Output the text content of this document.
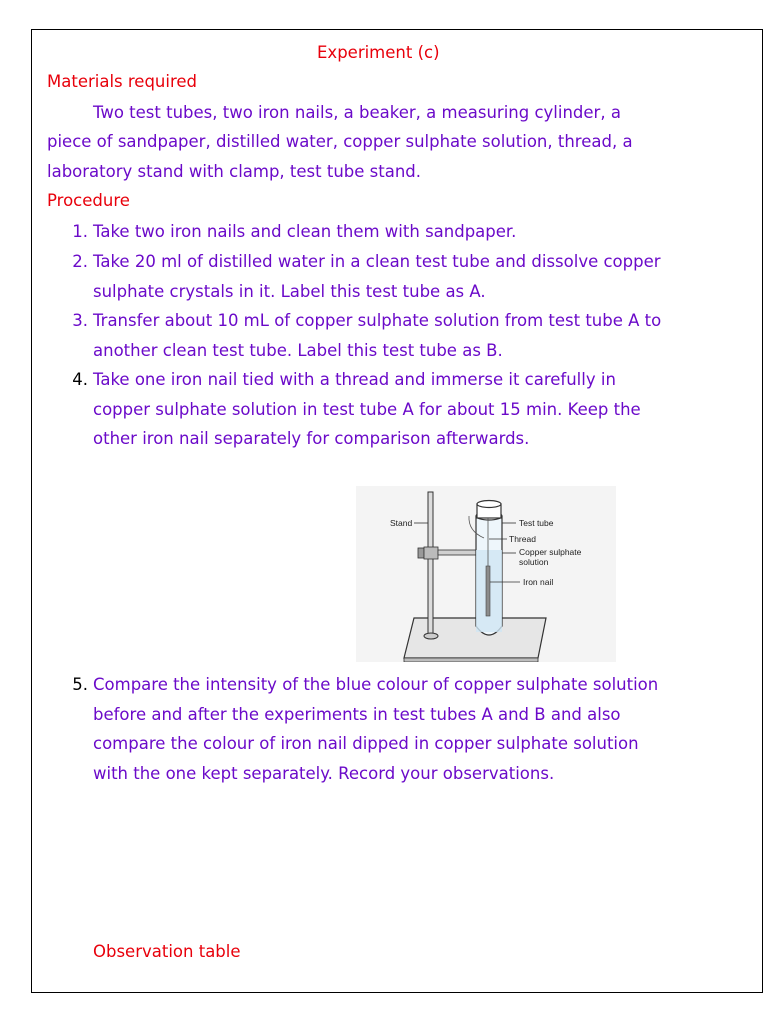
Experiment (c)
Materials required
Two test tubes, two iron nails, a beaker, a measuring cylinder, a
piece of sandpaper, distilled water, copper sulphate solution, thread, a
laboratory stand with clamp, test tube stand.
Procedure
1. Take two iron nails and clean them with sandpaper.
2. Take 20 ml of distilled water in a clean test tube and dissolve copper
sulphate crystals in it. Label this test tube as A.
3. Transfer about 10 mL of copper sulphate solution from test tube A to
another clean test tube. Label this test tube as B.
4. Take one iron nail tied with a thread and immerse it carefully in
copper sulphate solution in test tube A for about 15 min. Keep the
other iron nail separately for comparison afterwards.
Stand	Test tube
Thread
Copper sulphate
solution
Iron nail
5. Compare the intensity of the blue colour of copper sulphate solution
before and after the experiments in test tubes A and B and also
compare the colour of iron nail dipped in copper sulphate solution
with the one kept separately. Record your observations.
Observation table
